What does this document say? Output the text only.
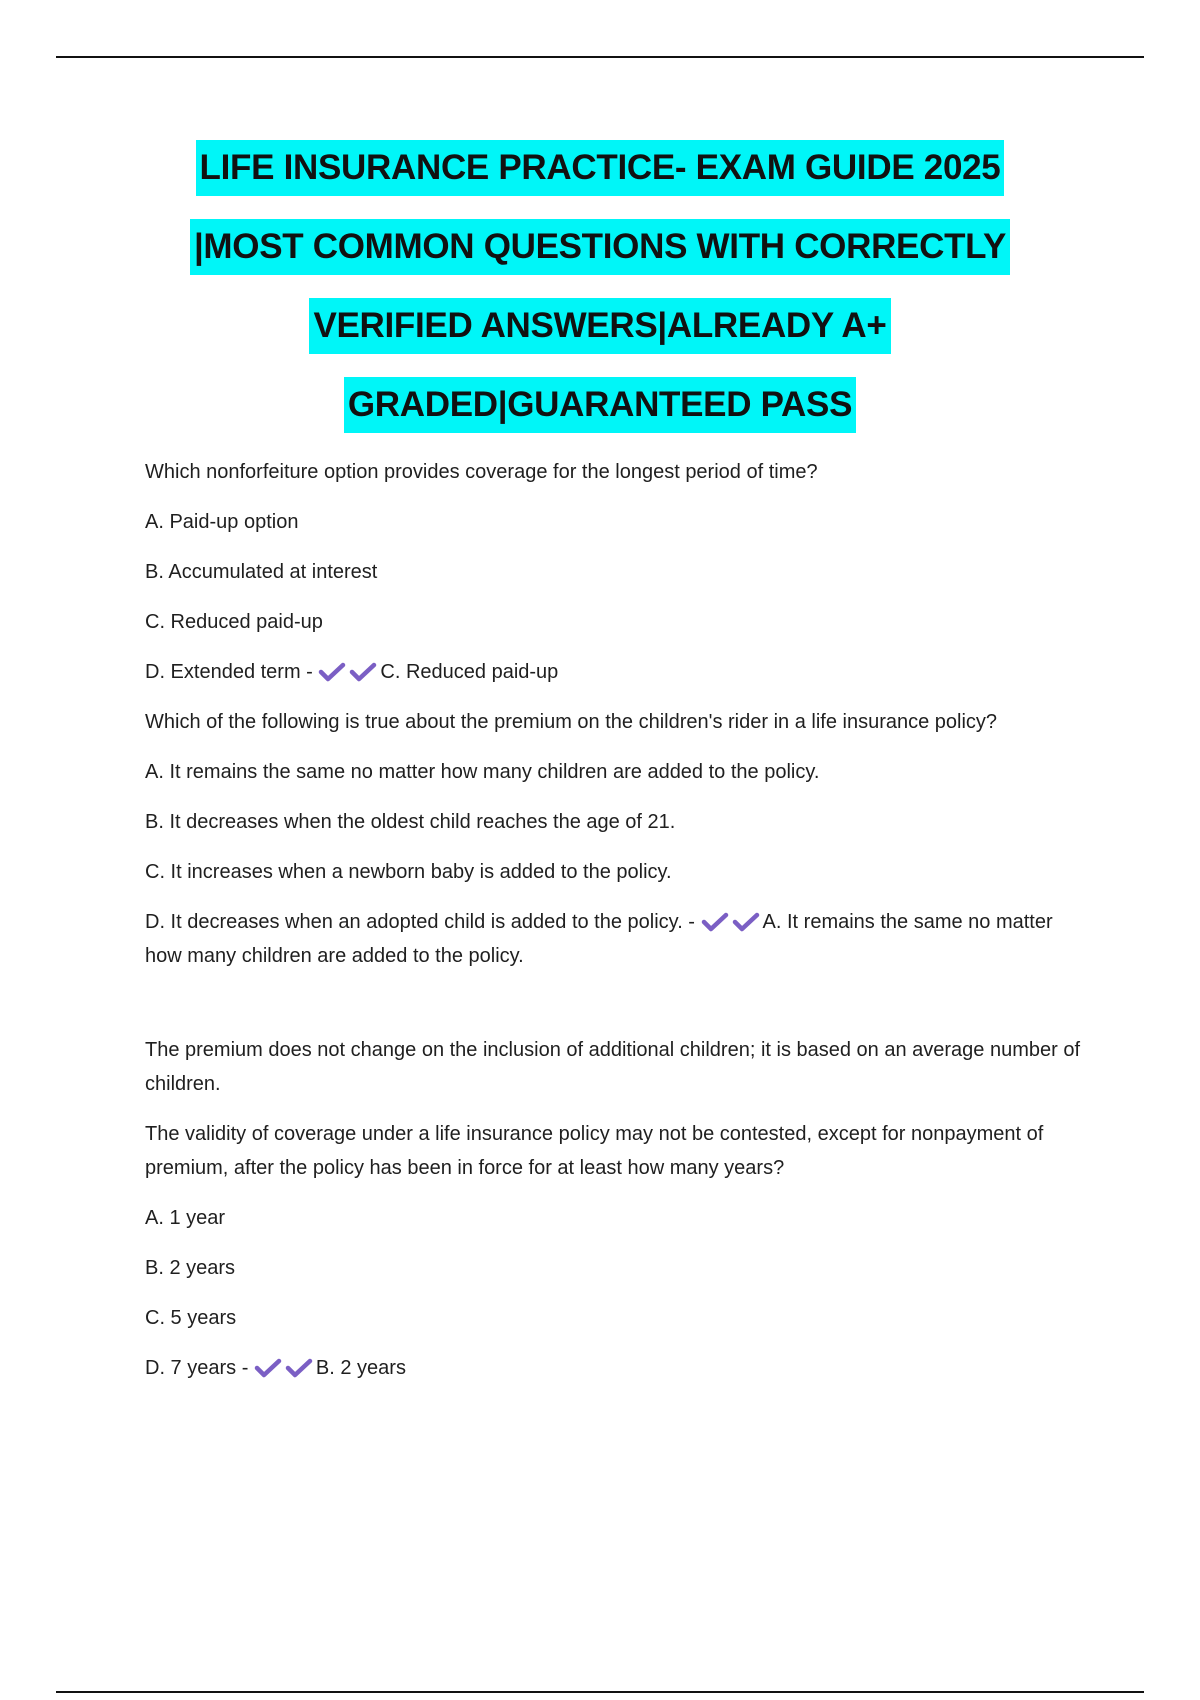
LIFE INSURANCE PRACTICE- EXAM GUIDE 2025
|MOST COMMON QUESTIONS WITH CORRECTLY
VERIFIED ANSWERS|ALREADY A+
GRADED|GUARANTEED PASS

Which nonforfeiture option provides coverage for the longest period of time?

A. Paid-up option

B. Accumulated at interest

C. Reduced paid-up

D. Extended term -	C. Reduced paid-up

Which of the following is true about the premium on the children's rider in a life insurance policy?

A. It remains the same no matter how many children are added to the policy.

B. It decreases when the oldest child reaches the age of 21.

C. It increases when a newborn baby is added to the policy.

D. It decreases when an adopted child is added to the policy. -	A. It remains the same no matter how many children are added to the policy.

The premium does not change on the inclusion of additional children; it is based on an average number of children.

The validity of coverage under a life insurance policy may not be contested, except for nonpayment of premium, after the policy has been in force for at least how many years?

A. 1 year

B. 2 years

C. 5 years

D. 7 years -	B. 2 years
